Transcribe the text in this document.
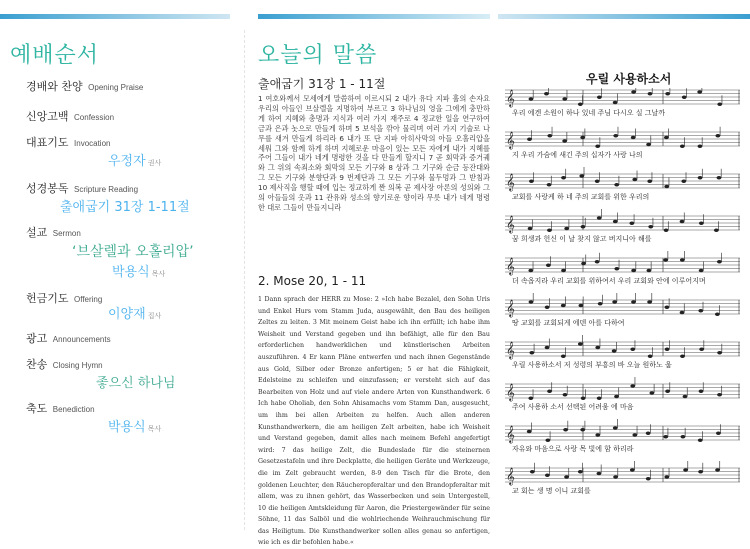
예배순서
경배와 찬양 Opening Praise
신앙고백 Confession
대표기도 Invocation
우정자 권사
성경봉독 Scripture Reading
출애굽기 31장 1-11절
설교 Sermon
‘브살렐과 오홀리압’
박용식 목사
헌금기도 Offering
이양재 집사
광고 Announcements
찬송 Closing Hymn
좋으신 하나님
축도 Benediction
박용식 목사
오늘의 말씀
출애굽기 31장 1 - 11절
1 여호와께서 모세에게 말씀하여 이르시되 2 내가 유다 지파 훌의 손자요 우리의 아들인 브살렐을 지명하여 부르고 3 하나님의 영을 그에게 충만하게 하여 지혜와 총명과 지식과 여러 가지 재주로 4 정교한 일을 연구하여 금과 은과 놋으로 만들게 하며 5 보석을 깎아 물리며 여러 가지 기술로 나무를 새겨 만들게 하리라 6 내가 또 단 지파 아히사막의 아들 오홀리압을 세워 그와 함께 하게 하며 지혜로운 마음이 있는 모든 자에게 내가 지혜를 주어 그들이 내가 네게 명령한 것을 다 만들게 할지니 7 곧 회막과 증거궤와 그 위의 속죄소와 회막의 모든 기구와 8 상과 그 기구와 순금 등잔대와 그 모든 기구와 분향단과 9 번제단과 그 모든 기구와 물두멍과 그 받침과 10 제사직을 행할 때에 입는 정교하게 짠 의복 곧 제사장 아론의 성의와 그의 아들들의 옷과 11 관유와 성소의 향기로운 향이라 무릇 내가 네게 명령한 대로 그들이 만들지니라
2. Mose 20, 1 - 11
1 Dann sprach der HERR zu Mose: 2 »Ich habe Bezalel, den Sohn Uris und Enkel Hurs vom Stamm Juda, ausgewählt, den Bau des heiligen Zeltes zu leiten. 3 Mit meinem Geist habe ich ihn erfüllt; ich habe ihm Weisheit und Verstand gegeben und ihn befähigt, alle für den Bau erforderlichen handwerklichen und künstlerischen Arbeiten auszuführen. 4 Er kann Pläne entwerfen und nach ihnen Gegenstände aus Gold, Silber oder Bronze anfertigen; 5 er hat die Fähigkeit, Edelsteine zu schleifen und einzufassen; er versteht sich auf das Bearbeiten von Holz und auf viele andere Arten von Kunsthandwerk. 6 Ich habe Oholiab, den Sohn Ahisamachs vom Stamm Dan, ausgesucht, um ihm bei allen Arbeiten zu helfen. Auch allen anderen Kunsthandwerkern, die am heiligen Zelt arbeiten, habe ich Weisheit und Verstand gegeben, damit alles nach meinem Befehl angefertigt wird: 7 das heilige Zelt, die Bundeslade für die steinernen Gesetzestafeln und ihre Deckplatte, die heiligen Geräte und Werkzeuge, die im Zelt gebraucht werden, 8-9 den Tisch für die Brote, den goldenen Leuchter, den Räucheropferaltar und den Brandopferaltar mit allem, was zu ihnen gehört, das Wasserbecken und sein Untergestell, 10 die heiligen Amtskleidung für Aaron, die Priestergewänder für seine Söhne, 11 das Salböl und die wohlriechende Weihrauchmischung für das Heiligtum. Die Kunsthandwerker sollen alles genau so anfertigen, wie ich es dir befohlen habe.«
우릴 사용하소서
𝄞
𝄞
𝄞
𝄞
𝄞
𝄞
𝄞
𝄞
𝄞
𝄞
우리 에겐 소원이 하나 있네 주님 다시오 실 그날까
지 우리 가슴에 새긴 주의 십자가 사랑 나의
교회를 사랑케 하 네 주의 교회를 위한 우리의
꿈 희생과 헌신 이 날 찾지 않고 버지니아 해를
더 속옵지라 우리 교회를 위하여서 우리 교회와 안에 이루어지며
땅 교회를 교회되게 에덴 아를 다하여
우릴 사용하소서 저 성령의 부흥의 바 오늘 원하노 웁
주여 사용하 소서 선택된 어려움 에 마음
자유와 마음으로 사랑 목 빛에 함 하리라
교 회는 생 명 이니 교회를
